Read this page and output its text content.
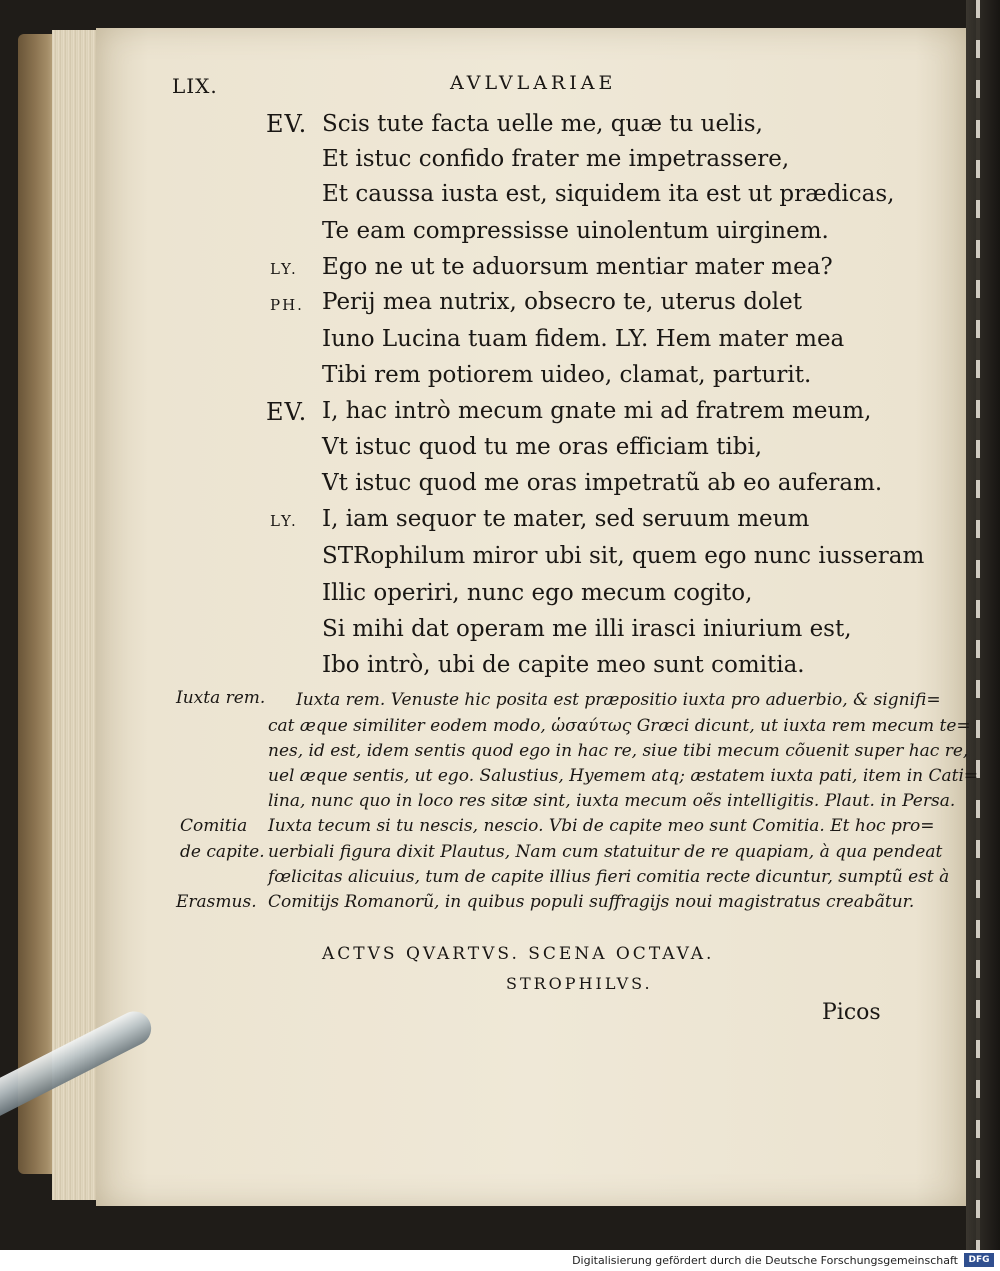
LIX.	AVLVLARIAE
EV. Scis tute facta uelle me, quæ tu uelis,
Et istuc confido frater me impetrassere,
Et caussa iusta est, siquidem ita est ut prædicas,
Te eam compressisse uinolentum uirginem.
LY. Ego ne ut te aduorsum mentiar mater mea?
PH. Perij mea nutrix, obsecro te, uterus dolet
Iuno Lucina tuam fidem. LY. Hem mater mea
Tibi rem potiorem uideo, clamat, parturit.
EV. I, hac intrò mecum gnate mi ad fratrem meum,
Vt istuc quod tu me oras efficiam tibi,
Vt istuc quod me oras impetratũ ab eo auferam.
LY. I, iam sequor te mater, sed seruum meum
STRophilum miror ubi sit, quem ego nunc iusseram
Illic operiri, nunc ego mecum cogito,
Si mihi dat operam me illi irasci iniurium est,
Ibo intrò, ubi de capite meo sunt comitia.
Iuxta rem.
Comitia
de capite.
Erasmus.
Iuxta rem. Venuste hic posita est præpositio iuxta pro aduerbio, & signifi=
cat æque similiter eodem modo, ὡσαύτως Græci dicunt, ut iuxta rem mecum te=
nes, id est, idem sentis quod ego in hac re, siue tibi mecum cõuenit super hac re,
uel æque sentis, ut ego. Salustius, Hyemem atq; æstatem iuxta pati, item in Cati=
lina, nunc quo in loco res sitæ sint, iuxta mecum oẽs intelligitis. Plaut. in Persa.
Iuxta tecum si tu nescis, nescio. Vbi de capite meo sunt Comitia. Et hoc pro=
uerbiali figura dixit Plautus, Nam cum statuitur de re quapiam, à qua pendeat
fœlicitas alicuius, tum de capite illius fieri comitia recte dicuntur, sumptũ est à
Comitijs Romanorũ, in quibus populi suffragijs noui magistratus creabãtur.
ACTVS QVARTVS. SCENA OCTAVA.
STROPHILVS.
Picos
Digitalisierung gefördert durch die Deutsche Forschungsgemeinschaft	DFG
